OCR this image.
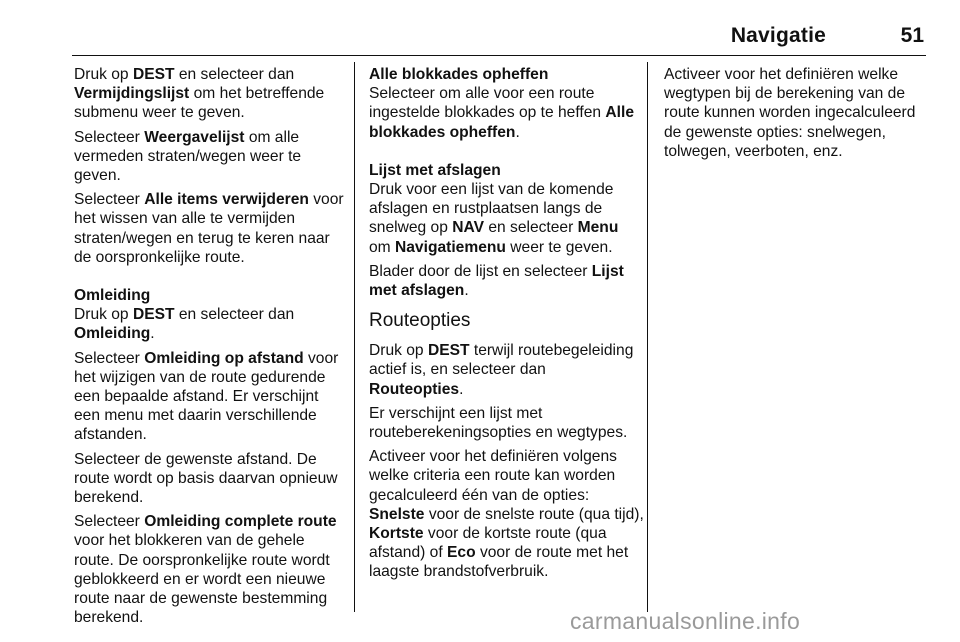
Navigatie	51

Druk op DEST en selecteer dan
Vermijdingslijst om het betreffende submenu weer te geven.

Selecteer Weergavelijst om alle vermeden straten/wegen weer te geven.

Selecteer Alle items verwijderen voor het wissen van alle te vermijden straten/wegen en terug te keren naar de oorspronkelijke route.

Omleiding

Druk op DEST en selecteer dan
Omleiding.

Selecteer Omleiding op afstand voor het wijzigen van de route gedurende een bepaalde afstand. Er verschijnt een menu met daarin verschillende afstanden.

Selecteer de gewenste afstand. De route wordt op basis daarvan opnieuw berekend.

Selecteer Omleiding complete route voor het blokkeren van de gehele route. De oorspronkelijke route wordt geblokkeerd en er wordt een nieuwe route naar de gewenste bestemming berekend.

Alle blokkades opheffen

Selecteer om alle voor een route ingestelde blokkades op te heffen Alle blokkades opheffen.

Lijst met afslagen

Druk voor een lijst van de komende afslagen en rustplaatsen langs de snelweg op NAV en selecteer Menu om Navigatiemenu weer te geven.

Blader door de lijst en selecteer Lijst met afslagen.

Routeopties

Druk op DEST terwijl routebegeleiding actief is, en selecteer dan Routeopties.

Er verschijnt een lijst met routeberekeningsopties en wegtypes.

Activeer voor het definiëren volgens welke criteria een route kan worden gecalculeerd één van de opties:

Snelste voor de snelste route (qua tijd), Kortste voor de kortste route (qua afstand) of Eco voor de route met het laagste brandstofverbruik.

Activeer voor het definiëren welke wegtypen bij de berekening van de route kunnen worden ingecalculeerd de gewenste opties: snelwegen, tolwegen, veerboten, enz.

carmanualsonline.info
